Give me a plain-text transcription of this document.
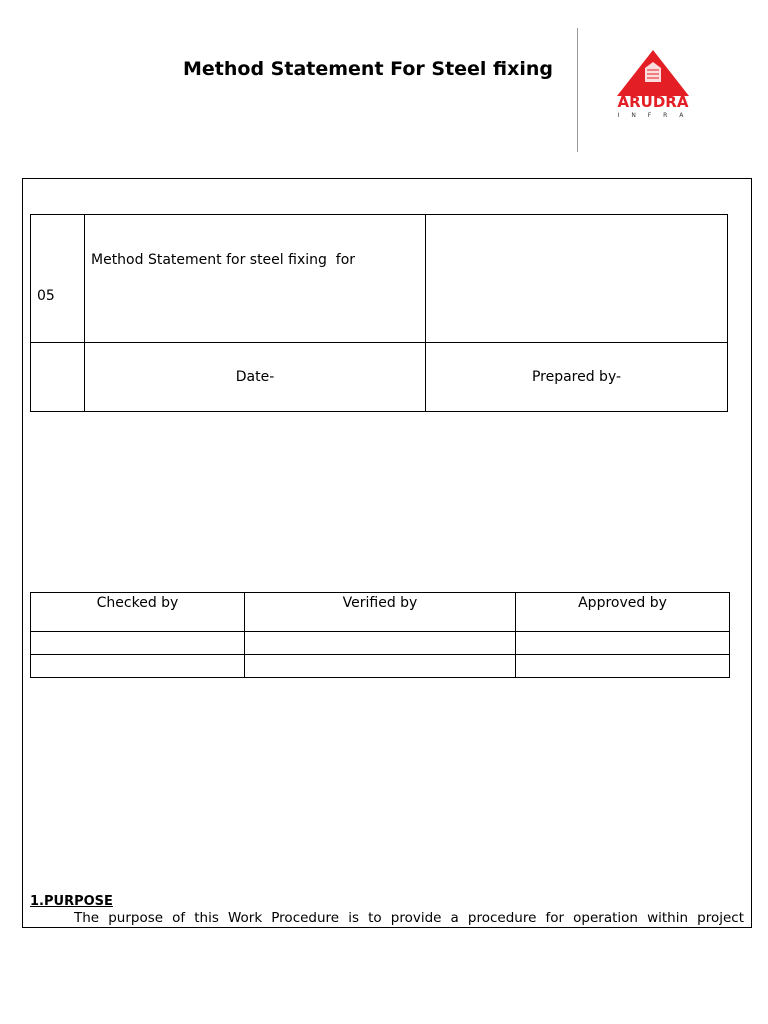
Method Statement For Steel fixing
ARUDRA
I N F R A
05	Method Statement for steel fixing  for	

	Date-	Prepared by-
Checked by	Verified by	Approved by

1.PURPOSE
The purpose of this Work Procedure is to provide a procedure for operation within project
